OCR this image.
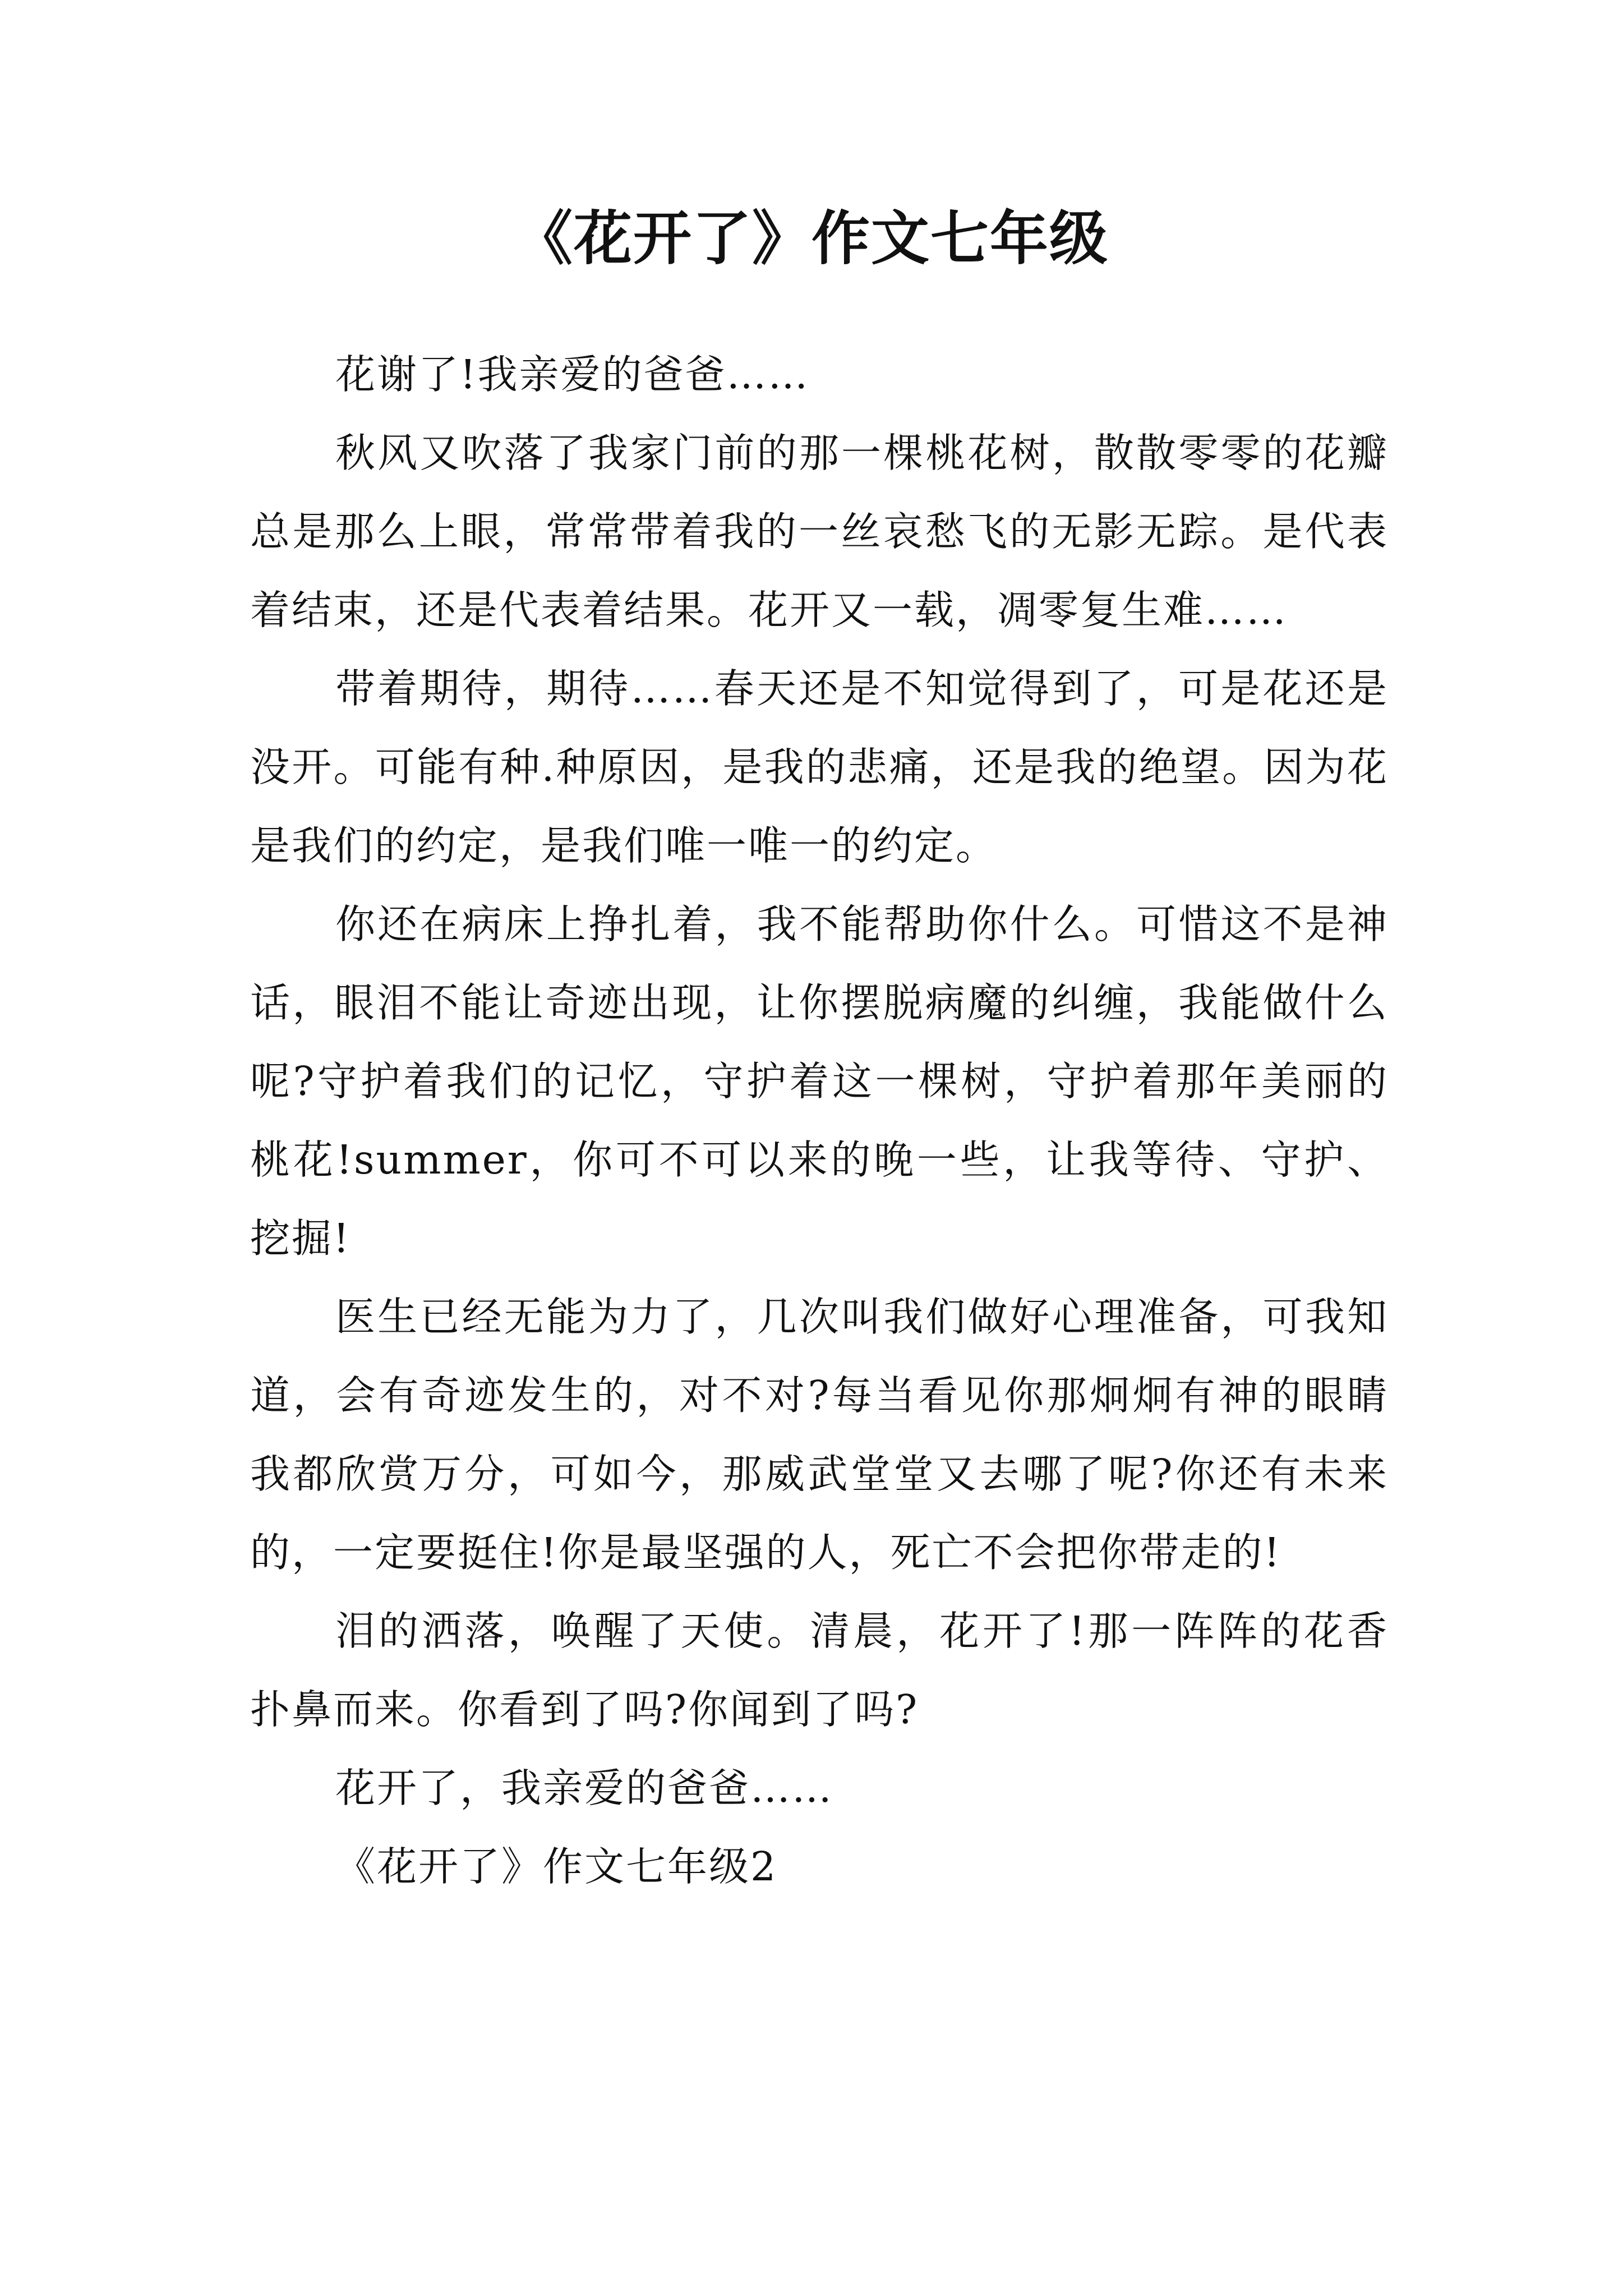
《花开了》作文七年级

花谢了!我亲爱的爸爸……

秋风又吹落了我家门前的那一棵桃花树，散散零零的花瓣总是那么上眼，常常带着我的一丝哀愁飞的无影无踪。是代表着结束，还是代表着结果。花开又一载，凋零复生难……

带着期待，期待……春天还是不知觉得到了，可是花还是没开。可能有种.种原因，是我的悲痛，还是我的绝望。因为花是我们的约定，是我们唯一唯一的约定。

你还在病床上挣扎着，我不能帮助你什么。可惜这不是神话，眼泪不能让奇迹出现，让你摆脱病魔的纠缠，我能做什么呢?守护着我们的记忆，守护着这一棵树，守护着那年美丽的桃花!summer，你可不可以来的晚一些，让我等待、守护、挖掘!

医生已经无能为力了，几次叫我们做好心理准备，可我知道，会有奇迹发生的，对不对?每当看见你那炯炯有神的眼睛我都欣赏万分，可如今，那威武堂堂又去哪了呢?你还有未来的，一定要挺住!你是最坚强的人，死亡不会把你带走的!

泪的洒落，唤醒了天使。清晨，花开了!那一阵阵的花香扑鼻而来。你看到了吗?你闻到了吗?

花开了，我亲爱的爸爸……

《花开了》作文七年级2
